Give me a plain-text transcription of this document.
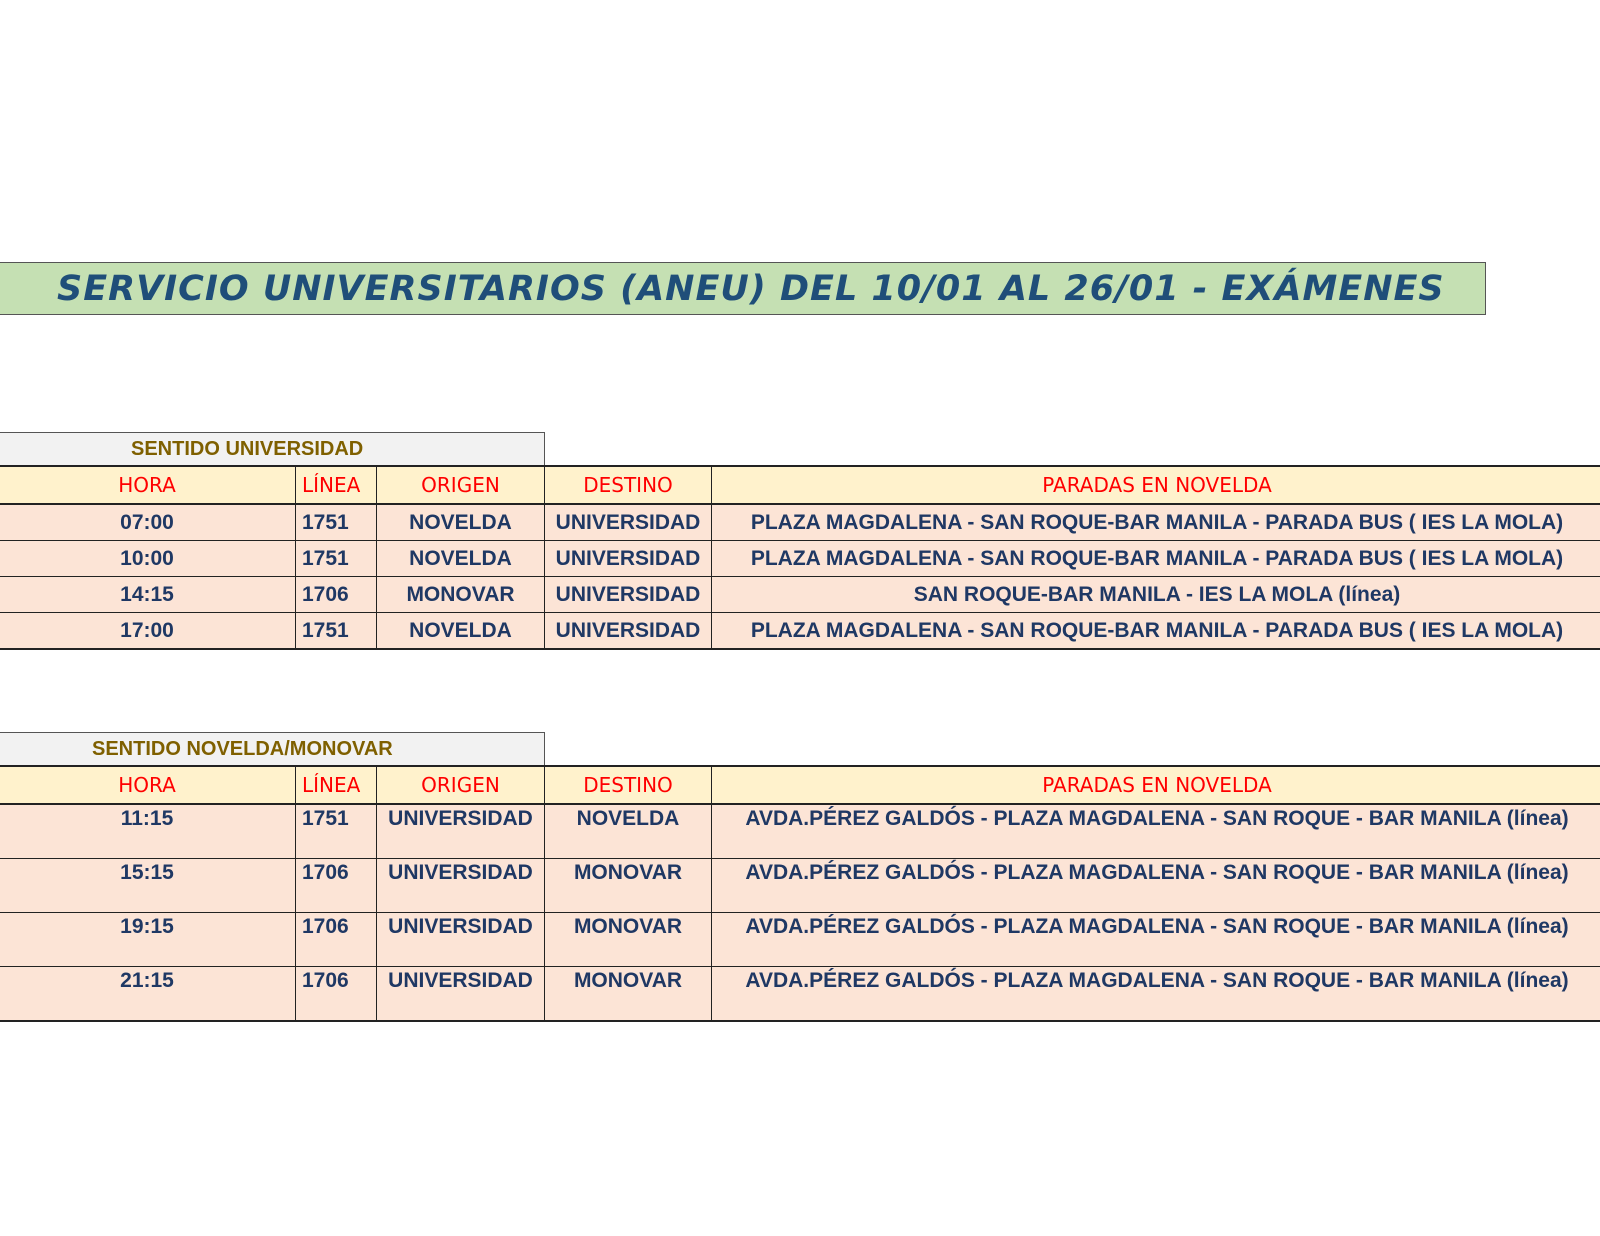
SERVICIO UNIVERSITARIOS (ANEU) DEL 10/01 AL 26/01 - EXÁMENES
SENTIDO UNIVERSIDAD
HORA	LÍNEA	ORIGEN	DESTINO	PARADAS EN NOVELDA
07:00	1751	NOVELDA	UNIVERSIDAD	PLAZA MAGDALENA - SAN ROQUE-BAR MANILA - PARADA BUS ( IES LA MOLA)
10:00	1751	NOVELDA	UNIVERSIDAD	PLAZA MAGDALENA - SAN ROQUE-BAR MANILA - PARADA BUS ( IES LA MOLA)
14:15	1706	MONOVAR	UNIVERSIDAD	SAN ROQUE-BAR MANILA - IES LA MOLA (línea)
17:00	1751	NOVELDA	UNIVERSIDAD	PLAZA MAGDALENA - SAN ROQUE-BAR MANILA - PARADA BUS ( IES LA MOLA)
SENTIDO NOVELDA/MONOVAR
HORA	LÍNEA	ORIGEN	DESTINO	PARADAS EN NOVELDA
11:15	1751	UNIVERSIDAD	NOVELDA	AVDA.PÉREZ GALDÓS - PLAZA MAGDALENA - SAN ROQUE - BAR MANILA (línea)
15:15	1706	UNIVERSIDAD	MONOVAR	AVDA.PÉREZ GALDÓS - PLAZA MAGDALENA - SAN ROQUE - BAR MANILA (línea)
19:15	1706	UNIVERSIDAD	MONOVAR	AVDA.PÉREZ GALDÓS - PLAZA MAGDALENA - SAN ROQUE - BAR MANILA (línea)
21:15	1706	UNIVERSIDAD	MONOVAR	AVDA.PÉREZ GALDÓS - PLAZA MAGDALENA - SAN ROQUE - BAR MANILA (línea)
